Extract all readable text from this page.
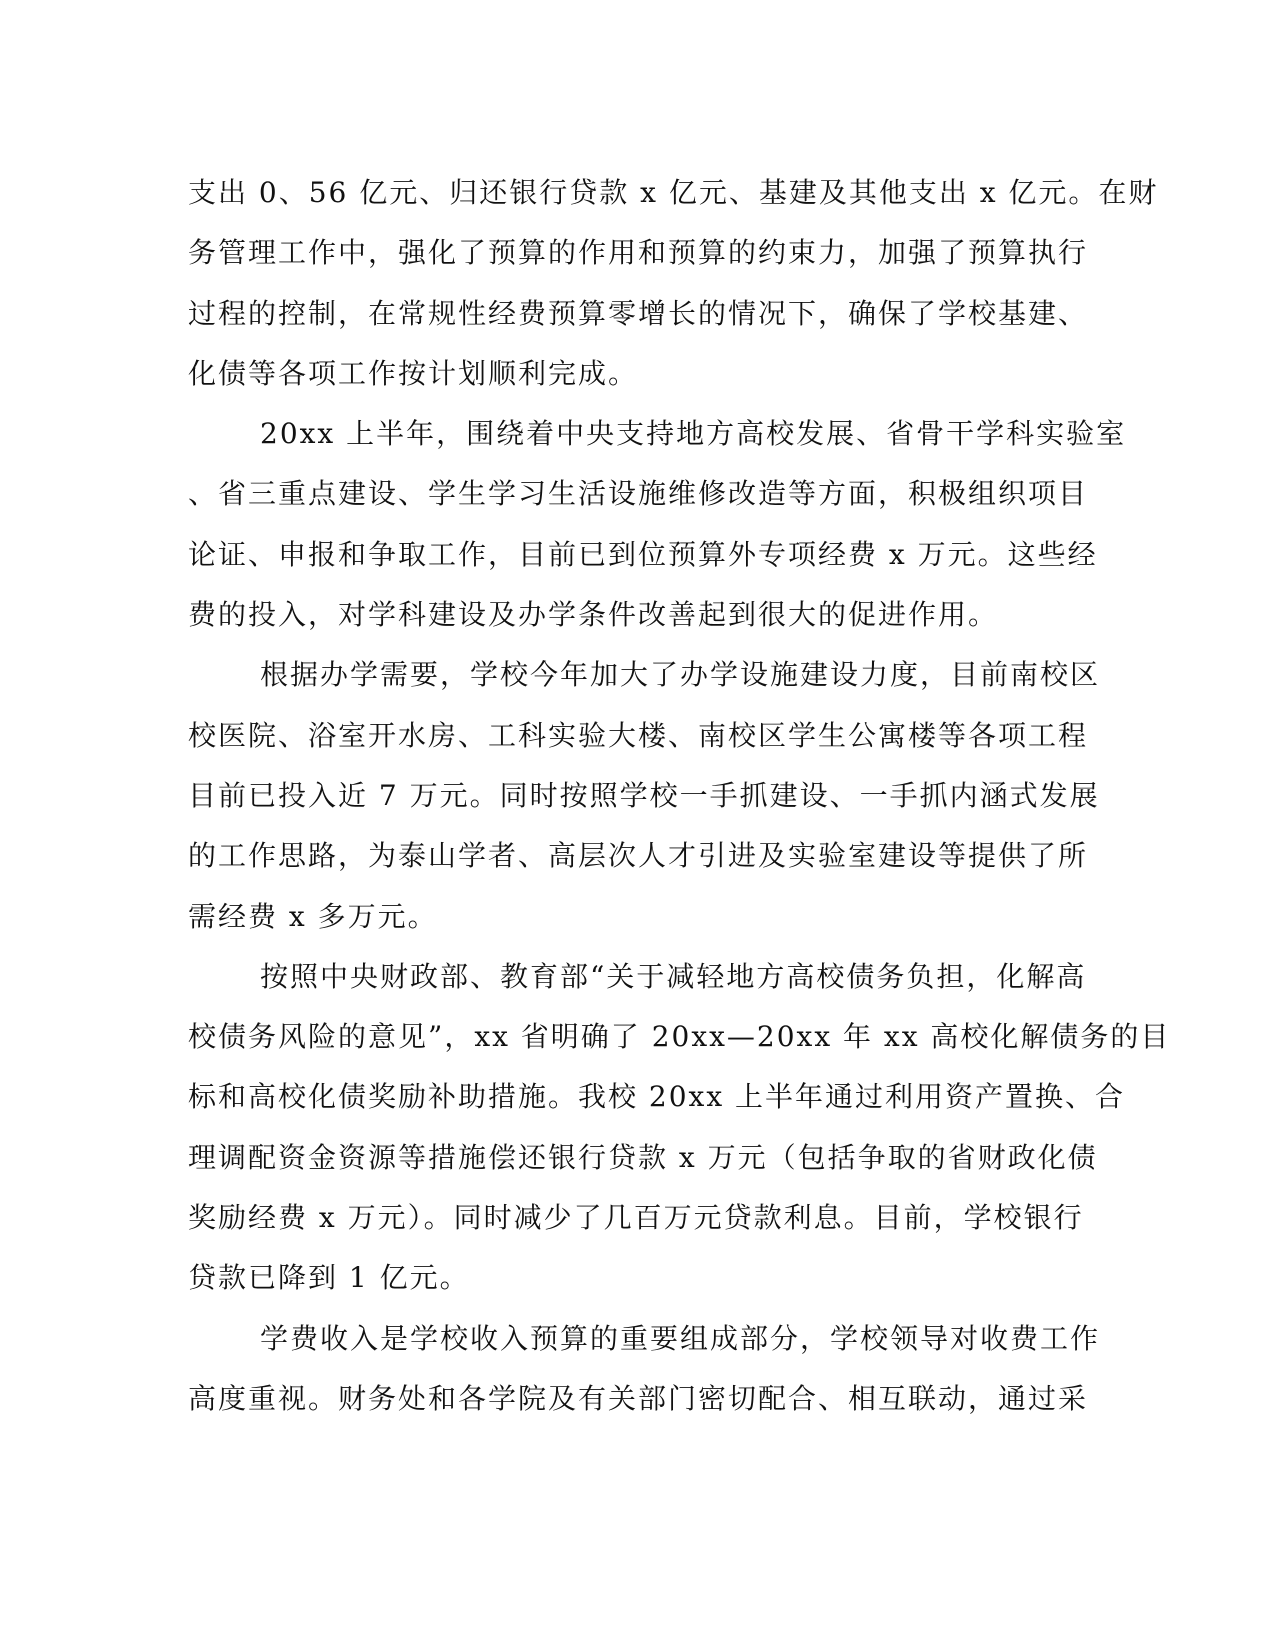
支出 0、56 亿元、归还银行贷款 x 亿元、基建及其他支出 x 亿元。在财
务管理工作中，强化了预算的作用和预算的约束力，加强了预算执行
过程的控制，在常规性经费预算零增长的情况下，确保了学校基建、
化债等各项工作按计划顺利完成。
20xx 上半年，围绕着中央支持地方高校发展、省骨干学科实验室
、省三重点建设、学生学习生活设施维修改造等方面，积极组织项目
论证、申报和争取工作，目前已到位预算外专项经费 x 万元。这些经
费的投入，对学科建设及办学条件改善起到很大的促进作用。
根据办学需要，学校今年加大了办学设施建设力度，目前南校区
校医院、浴室开水房、工科实验大楼、南校区学生公寓楼等各项工程
目前已投入近 7 万元。同时按照学校一手抓建设、一手抓内涵式发展
的工作思路，为泰山学者、高层次人才引进及实验室建设等提供了所
需经费 x 多万元。
按照中央财政部、教育部“关于减轻地方高校债务负担，化解高
校债务风险的意见”，xx 省明确了 20xx—20xx 年 xx 高校化解债务的目
标和高校化债奖励补助措施。我校 20xx 上半年通过利用资产置换、合
理调配资金资源等措施偿还银行贷款 x 万元（包括争取的省财政化债
奖励经费 x 万元）。同时减少了几百万元贷款利息。目前，学校银行
贷款已降到 1 亿元。
学费收入是学校收入预算的重要组成部分，学校领导对收费工作
高度重视。财务处和各学院及有关部门密切配合、相互联动，通过采
